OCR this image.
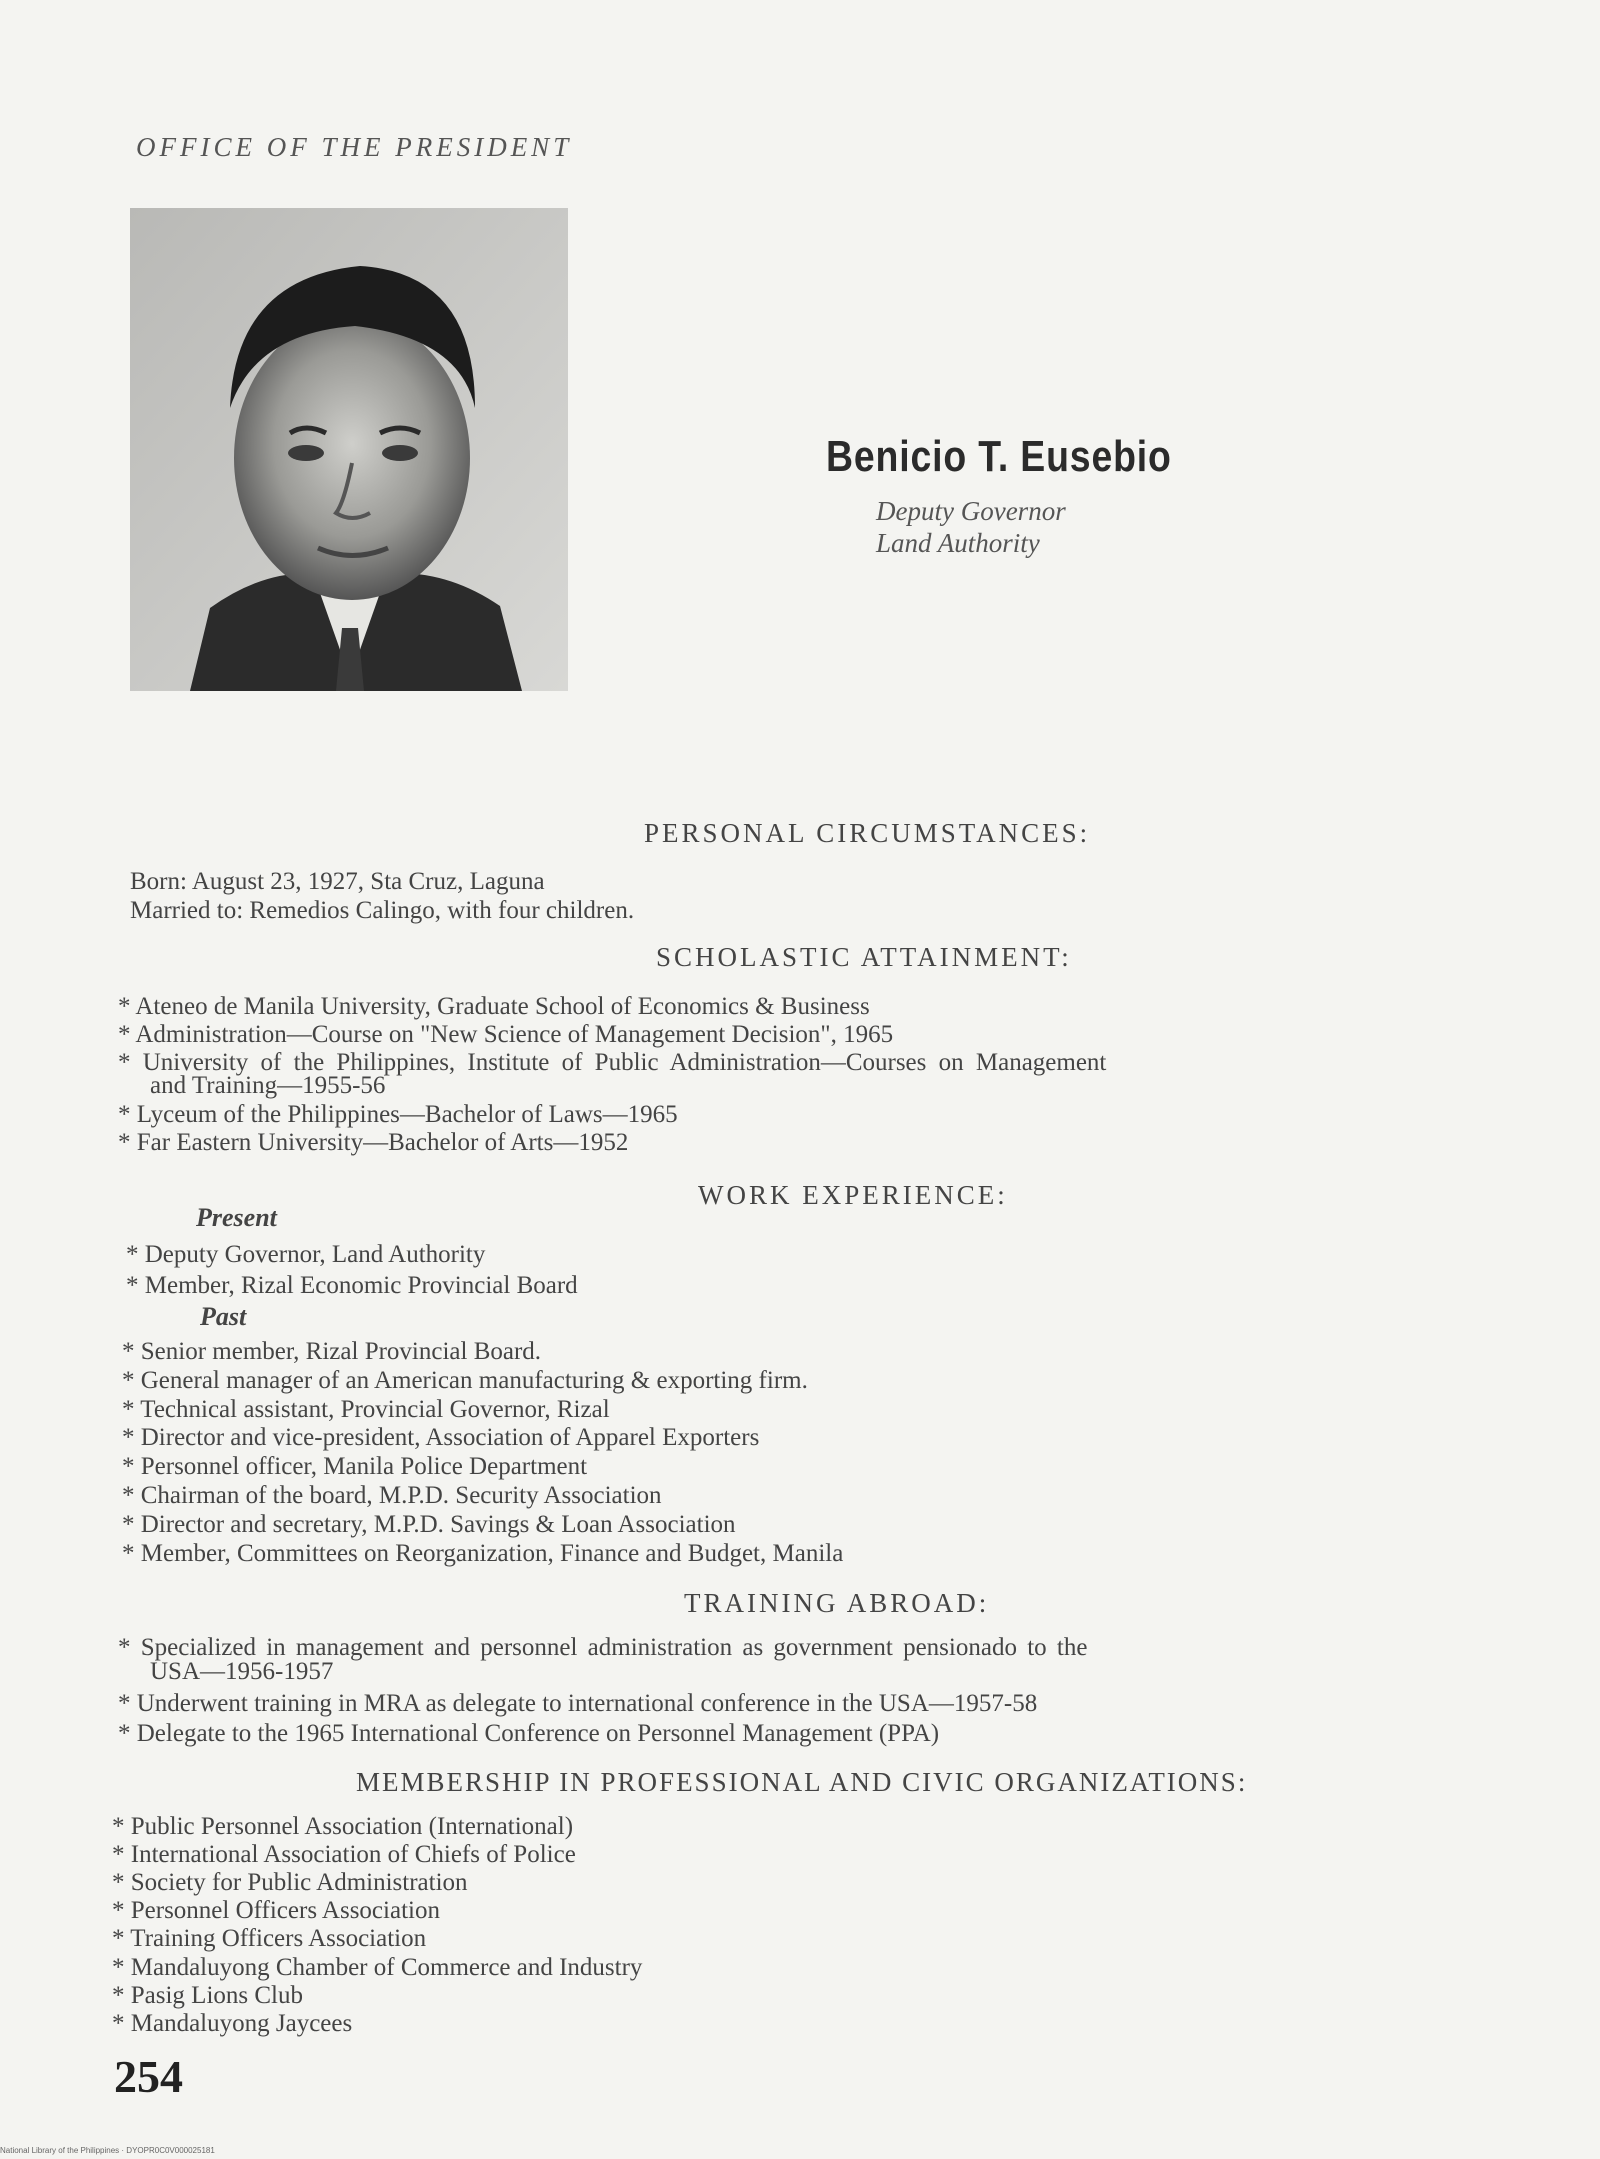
OFFICE OF THE PRESIDENT
Benicio T. Eusebio
Deputy Governor
Land Authority
PERSONAL CIRCUMSTANCES:
Born: August 23, 1927, Sta Cruz, Laguna
Married to: Remedios Calingo, with four children.
SCHOLASTIC ATTAINMENT:
* Ateneo de Manila University, Graduate School of Economics & Business
* Administration—Course on "New Science of Management Decision", 1965
* University of the Philippines, Institute of Public Administration—Courses on Management
and Training—1955-56
* Lyceum of the Philippines—Bachelor of Laws—1965
* Far Eastern University—Bachelor of Arts—1952
WORK EXPERIENCE:
Present
* Deputy Governor, Land Authority
* Member, Rizal Economic Provincial Board
Past
* Senior member, Rizal Provincial Board.
* General manager of an American manufacturing & exporting firm.
* Technical assistant, Provincial Governor, Rizal
* Director and vice-president, Association of Apparel Exporters
* Personnel officer, Manila Police Department
* Chairman of the board, M.P.D. Security Association
* Director and secretary, M.P.D. Savings & Loan Association
* Member, Committees on Reorganization, Finance and Budget, Manila
TRAINING ABROAD:
* Specialized in management and personnel administration as government pensionado to the
USA—1956-1957
* Underwent training in MRA as delegate to international conference in the USA—1957-58
* Delegate to the 1965 International Conference on Personnel Management (PPA)
MEMBERSHIP IN PROFESSIONAL AND CIVIC ORGANIZATIONS:
* Public Personnel Association (International)
* International Association of Chiefs of Police
* Society for Public Administration
* Personnel Officers Association
* Training Officers Association
* Mandaluyong Chamber of Commerce and Industry
* Pasig Lions Club
* Mandaluyong Jaycees
254
National Library of the Philippines · DYOPR0C0V000025181
